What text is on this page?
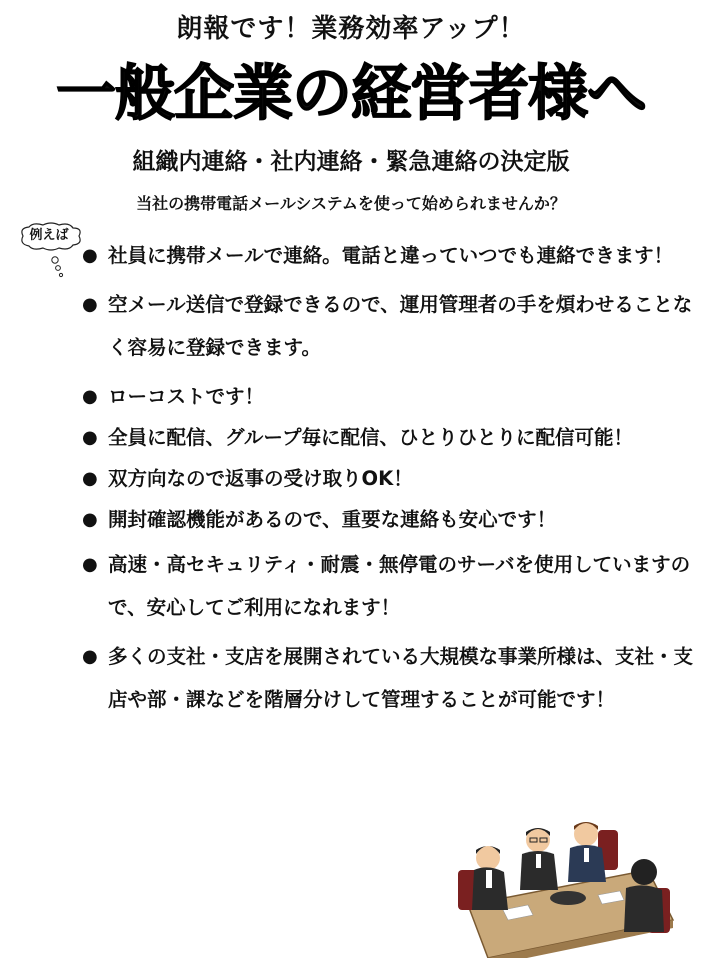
朗報です！業務効率アップ！
一般企業の経営者様へ
組織内連絡・社内連絡・緊急連絡の決定版
当社の携帯電話メールシステムを使って始められませんか？
例えば
● 社員に携帯メールで連絡。電話と違っていつでも連絡できます！
● 空メール送信で登録できるので、運用管理者の手を煩わせることなく容易に登録できます。
● ローコストです！
● 全員に配信、グループ毎に配信、ひとりひとりに配信可能！
● 双方向なので返事の受け取りOK！
● 開封確認機能があるので、重要な連絡も安心です！
● 高速・高セキュリティ・耐震・無停電のサーバを使用していますので、安心してご利用になれます！
● 多くの支社・支店を展開されている大規模な事業所様は、支社・支店や部・課などを階層分けして管理することが可能です！
